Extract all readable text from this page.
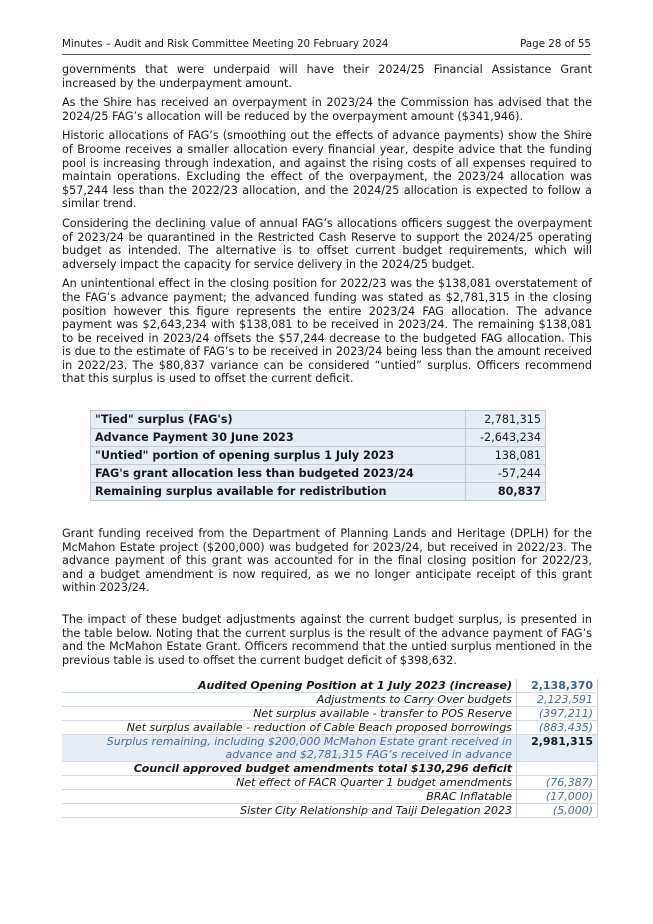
Minutes – Audit and Risk Committee Meeting 20 February 2024	Page 28 of 55

governments that were underpaid will have their 2024/25 Financial Assistance Grant increased by the underpayment amount.

As the Shire has received an overpayment in 2023/24 the Commission has advised that the 2024/25 FAG’s allocation will be reduced by the overpayment amount ($341,946).

Historic allocations of FAG’s (smoothing out the effects of advance payments) show the Shire of Broome receives a smaller allocation every financial year, despite advice that the funding pool is increasing through indexation, and against the rising costs of all expenses required to maintain operations. Excluding the effect of the overpayment, the 2023/24 allocation was $57,244 less than the 2022/23 allocation, and the 2024/25 allocation is expected to follow a similar trend.

Considering the declining value of annual FAG’s allocations officers suggest the overpayment of 2023/24 be quarantined in the Restricted Cash Reserve to support the 2024/25 operating budget as intended. The alternative is to offset current budget requirements, which will adversely impact the capacity for service delivery in the 2024/25 budget.

An unintentional effect in the closing position for 2022/23 was the $138,081 overstatement of the FAG’s advance payment; the advanced funding was stated as $2,781,315 in the closing position however this figure represents the entire 2023/24 FAG allocation. The advance payment was $2,643,234 with $138,081 to be received in 2023/24. The remaining $138,081 to be received in 2023/24 offsets the $57,244 decrease to the budgeted FAG allocation. This is due to the estimate of FAG’s to be received in 2023/24 being less than the amount received in 2022/23. The $80,837 variance can be considered “untied” surplus. Officers recommend that this surplus is used to offset the current deficit.

"Tied" surplus (FAG's)	2,781,315
Advance Payment 30 June 2023	-2,643,234
"Untied" portion of opening surplus 1 July 2023	138,081
FAG's grant allocation less than budgeted 2023/24	-57,244
Remaining surplus available for redistribution	80,837

Grant funding received from the Department of Planning Lands and Heritage (DPLH) for the McMahon Estate project ($200,000) was budgeted for 2023/24, but received in 2022/23. The advance payment of this grant was accounted for in the final closing position for 2022/23, and a budget amendment is now required, as we no longer anticipate receipt of this grant within 2023/24.

The impact of these budget adjustments against the current budget surplus, is presented in the table below. Noting that the current surplus is the result of the advance payment of FAG’s and the McMahon Estate Grant. Officers recommend that the untied surplus mentioned in the previous table is used to offset the current budget deficit of $398,632.

Audited Opening Position at 1 July 2023 (increase)	2,138,370
Adjustments to Carry Over budgets	2,123,591
Net surplus available - transfer to POS Reserve	(397,211)
Net surplus available - reduction of Cable Beach proposed borrowings	(883,435)
Surplus remaining, including $200,000 McMahon Estate grant received in advance and $2,781,315 FAG’s received in advance	2,981,315
Council approved budget amendments total $130,296 deficit	
Net effect of FACR Quarter 1 budget amendments	(76,387)
BRAC Inflatable	(17,000)
Sister City Relationship and Taiji Delegation 2023	(5,000)
